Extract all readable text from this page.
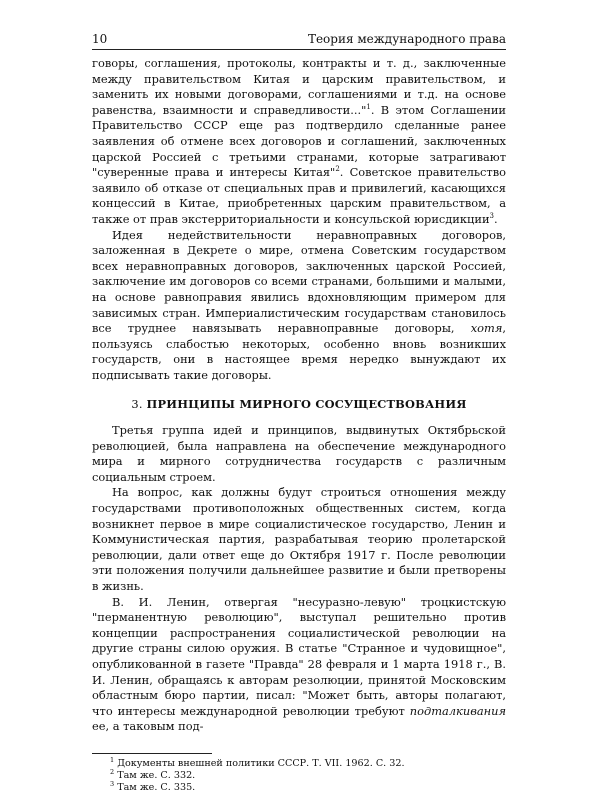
10	Теория международного права

говоры, соглашения, протоколы, контракты и т. д., заключенные между правительством Китая и царским правительством, и заменить их новыми договорами, соглашениями и т.д. на основе равенства, взаимности и справедливости..."$^1$. В этом Соглашении Правительство СССР еще раз подтвердило сделанные ранее заявления об отмене всех договоров и соглашений, заключенных царской Россией с третьими странами, которые затрагивают "суверенные права и интересы Китая"$^2$. Советское правительство заявило об отказе от специальных прав и привилегий, касающихся концессий в Китае, приобретенных царским правительством, а также от прав экстерриториальности и консульской юрисдикции$^3$.

Идея недействительности неравноправных договоров, заложенная в Декрете о мире, отмена Советским государством всех неравноправных договоров, заключенных царской Россией, заключение им договоров со всеми странами, большими и малыми, на основе равноправия явились вдохновляющим примером для зависимых стран. Империалистическим государствам становилось все труднее навязывать неравноправные договоры, хотя, пользуясь слабостью некоторых, особенно вновь возникших государств, они в настоящее время нередко вынуждают их подписывать такие договоры.

3. ПРИНЦИПЫ МИРНОГО СОСУЩЕСТВОВАНИЯ

Третья группа идей и принципов, выдвинутых Октябрьской революцией, была направлена на обеспечение международного мира и мирного сотрудничества государств с различным социальным строем.

На вопрос, как должны будут строиться отношения между государствами противоположных общественных систем, когда возникнет первое в мире социалистическое государство, Ленин и Коммунистическая партия, разрабатывая теорию пролетарской революции, дали ответ еще до Октября 1917 г. После революции эти положения получили дальнейшее развитие и были претворены в жизнь.

В. И. Ленин, отвергая "несуразно-левую" троцкистскую "перманентную революцию", выступал решительно против концепции распространения социалистической революции на другие страны силою оружия. В статье "Странное и чудовищное", опубликованной в газете "Правда" 28 февраля и 1 марта 1918 г., В. И. Ленин, обращаясь к авторам резолюции, принятой Московским областным бюро партии, писал: "Может быть, авторы полагают, что интересы международной революции требуют подталкивания ее, а таковым под-

$^1$ Документы внешней политики СССР. Т. VII. 1962. С. 32.
$^2$ Там же. С. 332.
$^3$ Там же. С. 335.
